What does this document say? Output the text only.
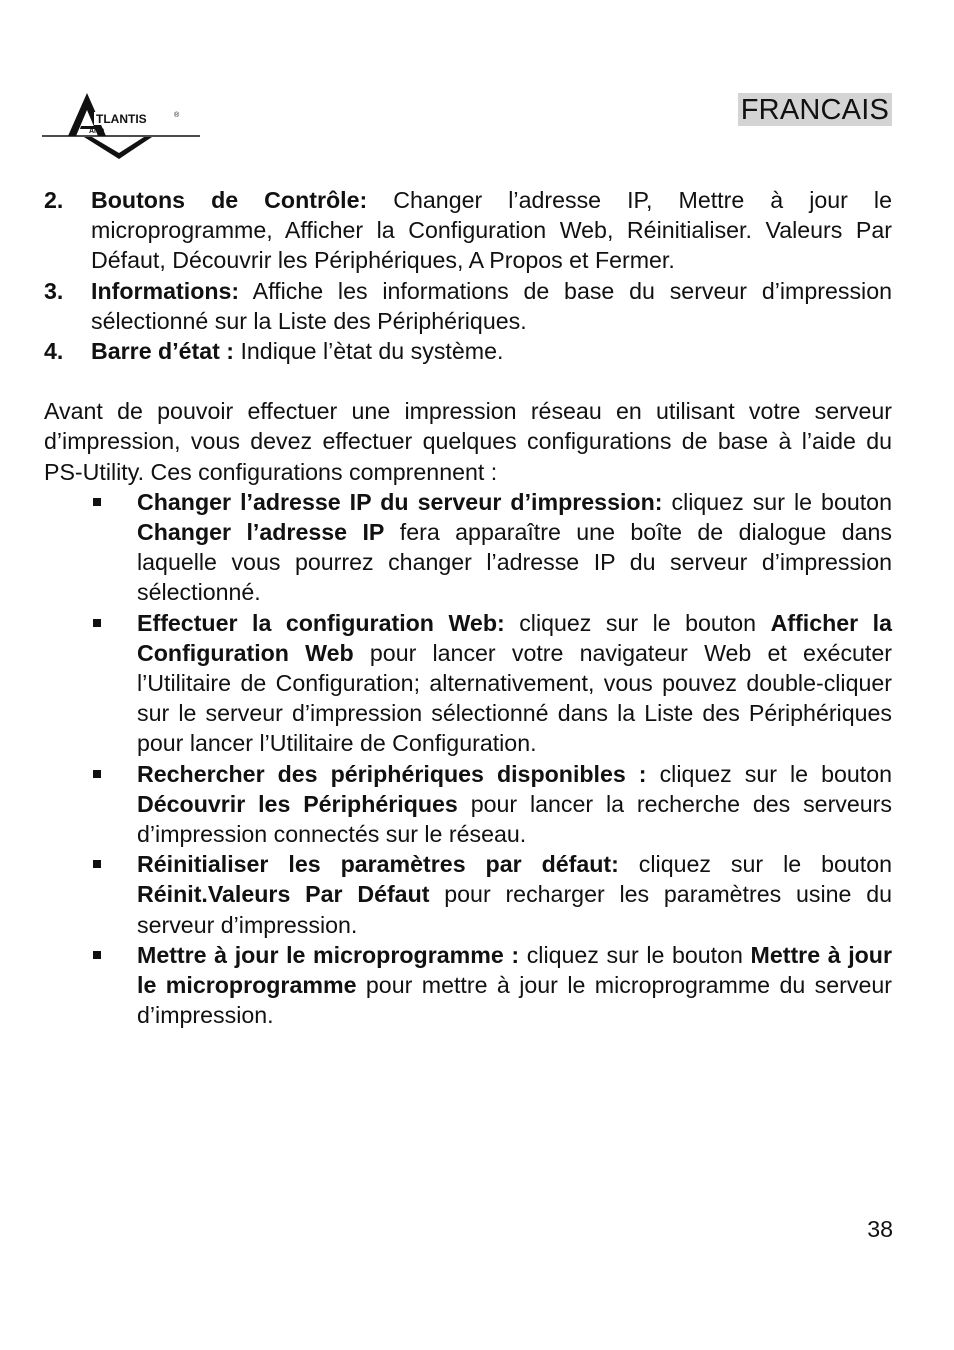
TLANTIS	®
AND
FRANCAIS
2. Boutons de Contrôle: Changer l’adresse IP, Mettre à jour le microprogramme, Afficher la Configuration Web, Réinitialiser. Valeurs Par Défaut, Découvrir les Périphériques, A Propos et Fermer.
3. Informations: Affiche les informations de base du serveur d’impression sélectionné sur la Liste des Périphériques.
4. Barre d’état : Indique l’ètat du système.
Avant de pouvoir effectuer une impression réseau en utilisant votre serveur d’impression, vous devez effectuer quelques configurations de base à l’aide du PS-Utility. Ces configurations comprennent :
Changer l’adresse IP du serveur d’impression: cliquez sur le bouton Changer l’adresse IP fera apparaître une boîte de dialogue dans laquelle vous pourrez changer l’adresse IP du serveur d’impression sélectionné.
Effectuer la configuration Web: cliquez sur le bouton Afficher la Configuration Web pour lancer votre navigateur Web et exécuter l’Utilitaire de Configuration; alternativement, vous pouvez double-cliquer sur le serveur d’impression sélectionné dans la Liste des Périphériques pour lancer l’Utilitaire de Configuration.
Rechercher des périphériques disponibles : cliquez sur le bouton Découvrir les Périphériques pour lancer la recherche des serveurs d’impression connectés sur le réseau.
Réinitialiser les paramètres par défaut: cliquez sur le bouton Réinit.Valeurs Par Défaut pour recharger les paramètres usine du serveur d’impression.
Mettre à jour le microprogramme : cliquez sur le bouton Mettre à jour le microprogramme pour mettre à jour le microprogramme du serveur d’impression.
38
